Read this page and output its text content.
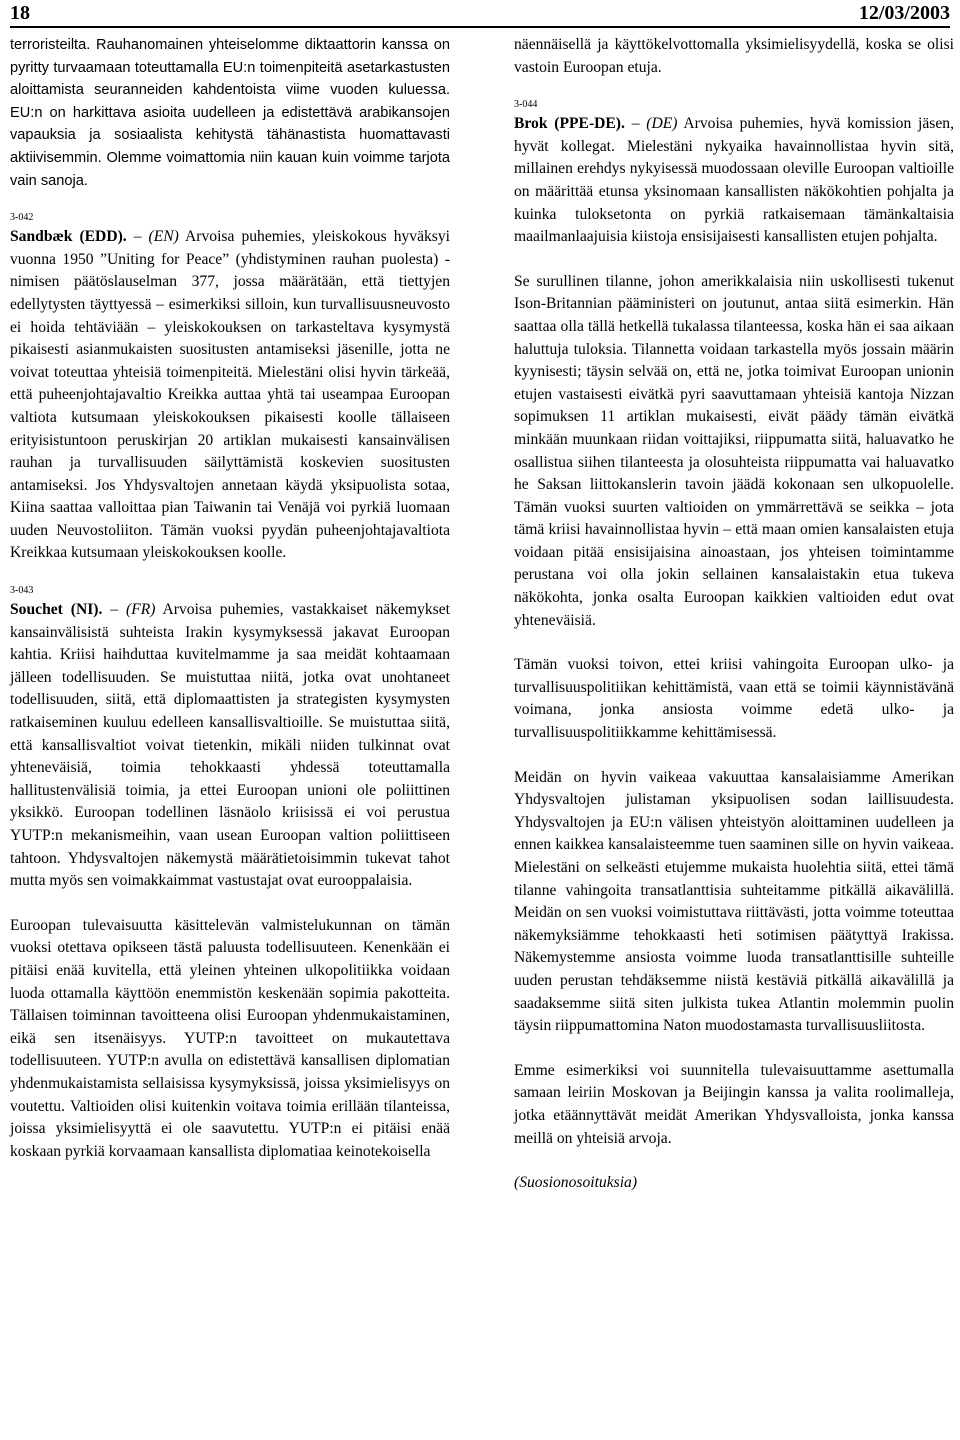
18	12/03/2003

terroristeilta. Rauhanomainen yhteiselomme diktaattorin kanssa on pyritty turvaamaan toteuttamalla EU:n toimenpiteitä asetarkastusten aloittamista seuranneiden kahdentoista viime vuoden kuluessa. EU:n on harkittava asioita uudelleen ja edistettävä arabikansojen vapauksia ja sosiaalista kehitystä tähänastista huomattavasti aktiivisemmin. Olemme voimattomia niin kauan kuin voimme tarjota vain sanoja.

3-042

Sandbæk (EDD). – (EN) Arvoisa puhemies, yleiskokous hyväksyi vuonna 1950 ”Uniting for Peace” (yhdistyminen rauhan puolesta) -nimisen päätöslauselman 377, jossa määrätään, että tiettyjen edellytysten täyttyessä – esimerkiksi silloin, kun turvallisuusneuvosto ei hoida tehtäviään – yleiskokouksen on tarkasteltava kysymystä pikaisesti asianmukaisten suositusten antamiseksi jäsenille, jotta ne voivat toteuttaa yhteisiä toimenpiteitä. Mielestäni olisi hyvin tärkeää, että puheenjohtajavaltio Kreikka auttaa yhtä tai useampaa Euroopan valtiota kutsumaan yleiskokouksen pikaisesti koolle tällaiseen erityisistuntoon peruskirjan 20 artiklan mukaisesti kansainvälisen rauhan ja turvallisuuden säilyttämistä koskevien suositusten antamiseksi. Jos Yhdysvaltojen annetaan käydä yksipuolista sotaa, Kiina saattaa valloittaa pian Taiwanin tai Venäjä voi pyrkiä luomaan uuden Neuvostoliiton. Tämän vuoksi pyydän puheenjohtajavaltiota Kreikkaa kutsumaan yleiskokouksen koolle.

3-043

Souchet (NI). – (FR) Arvoisa puhemies, vastakkaiset näkemykset kansainvälisistä suhteista Irakin kysymyksessä jakavat Euroopan kahtia. Kriisi haihduttaa kuvitelmamme ja saa meidät kohtaamaan jälleen todellisuuden. Se muistuttaa niitä, jotka ovat unohtaneet todellisuuden, siitä, että diplomaattisten ja strategisten kysymysten ratkaiseminen kuuluu edelleen kansallisvaltioille. Se muistuttaa siitä, että kansallisvaltiot voivat tietenkin, mikäli niiden tulkinnat ovat yhteneväisiä, toimia tehokkaasti yhdessä toteuttamalla hallitustenvälisiä toimia, ja ettei Euroopan unioni ole poliittinen yksikkö. Euroopan todellinen läsnäolo kriisissä ei voi perustua YUTP:n mekanismeihin, vaan usean Euroopan valtion poliittiseen tahtoon. Yhdysvaltojen näkemystä määrätietoisimmin tukevat tahot mutta myös sen voimakkaimmat vastustajat ovat eurooppalaisia.

Euroopan tulevaisuutta käsittelevän valmistelukunnan on tämän vuoksi otettava opikseen tästä paluusta todellisuuteen. Kenenkään ei pitäisi enää kuvitella, että yleinen yhteinen ulkopolitiikka voidaan luoda ottamalla käyttöön enemmistön keskenään sopimia pakotteita. Tällaisen toiminnan tavoitteena olisi Euroopan yhdenmukaistaminen, eikä sen itsenäisyys. YUTP:n tavoitteet on mukautettava todellisuuteen. YUTP:n avulla on edistettävä kansallisen diplomatian yhdenmukaistamista sellaisissa kysymyksissä, joissa yksimielisyys on voutettu. Valtioiden olisi kuitenkin voitava toimia erillään tilanteissa, joissa yksimielisyyttä ei ole saavutettu. YUTP:n ei pitäisi enää koskaan pyrkiä korvaamaan kansallista diplomatiaa keinotekoisella

näennäisellä ja käyttökelvottomalla yksimielisyydellä, koska se olisi vastoin Euroopan etuja.

3-044

Brok (PPE-DE). – (DE) Arvoisa puhemies, hyvä komission jäsen, hyvät kollegat. Mielestäni nykyaika havainnollistaa hyvin sitä, millainen erehdys nykyisessä muodossaan oleville Euroopan valtioille on määrittää etunsa yksinomaan kansallisten näkökohtien pohjalta ja kuinka tuloksetonta on pyrkiä ratkaisemaan tämänkaltaisia maailmanlaajuisia kiistoja ensisijaisesti kansallisten etujen pohjalta.

Se surullinen tilanne, johon amerikkalaisia niin uskollisesti tukenut Ison-Britannian pääministeri on joutunut, antaa siitä esimerkin. Hän saattaa olla tällä hetkellä tukalassa tilanteessa, koska hän ei saa aikaan haluttuja tuloksia. Tilannetta voidaan tarkastella myös jossain määrin kyynisesti; täysin selvää on, että ne, jotka toimivat Euroopan unionin etujen vastaisesti eivätkä pyri saavuttamaan yhteisiä kantoja Nizzan sopimuksen 11 artiklan mukaisesti, eivät päädy tämän eivätkä minkään muunkaan riidan voittajiksi, riippumatta siitä, haluavatko he osallistua siihen tilanteesta ja olosuhteista riippumatta vai haluavatko he Saksan liittokanslerin tavoin jäädä kokonaan sen ulkopuolelle. Tämän vuoksi suurten valtioiden on ymmärrettävä se seikka – jota tämä kriisi havainnollistaa hyvin – että maan omien kansalaisten etuja voidaan pitää ensisijaisina ainoastaan, jos yhteisen toimintamme perustana voi olla jokin sellainen kansalaistakin etua tukeva näkökohta, jonka osalta Euroopan kaikkien valtioiden edut ovat yhteneväisiä.

Tämän vuoksi toivon, ettei kriisi vahingoita Euroopan ulko- ja turvallisuuspolitiikan kehittämistä, vaan että se toimii käynnistävänä voimana, jonka ansiosta voimme edetä ulko- ja turvallisuuspolitiikkamme kehittämisessä.

Meidän on hyvin vaikeaa vakuuttaa kansalaisiamme Amerikan Yhdysvaltojen julistaman yksipuolisen sodan laillisuudesta. Yhdysvaltojen ja EU:n välisen yhteistyön aloittaminen uudelleen ja ennen kaikkea kansalaisteemme tuen saaminen sille on hyvin vaikeaa. Mielestäni on selkeästi etujemme mukaista huolehtia siitä, ettei tämä tilanne vahingoita transatlanttisia suhteitamme pitkällä aikavälillä. Meidän on sen vuoksi voimistuttava riittävästi, jotta voimme toteuttaa näkemyksiämme tehokkaasti heti sotimisen päätyttyä Irakissa. Näkemystemme ansiosta voimme luoda transatlanttisille suhteille uuden perustan tehdäksemme niistä kestäviä pitkällä aikavälillä ja saadaksemme siitä siten julkista tukea Atlantin molemmin puolin täysin riippumattomina Naton muodostamasta turvallisuusliitosta.

Emme esimerkiksi voi suunnitella tulevaisuuttamme asettumalla samaan leiriin Moskovan ja Beijingin kanssa ja valita roolimalleja, jotka etäännyttävät meidät Amerikan Yhdysvalloista, jonka kanssa meillä on yhteisiä arvoja.

(Suosionosoituksia)
